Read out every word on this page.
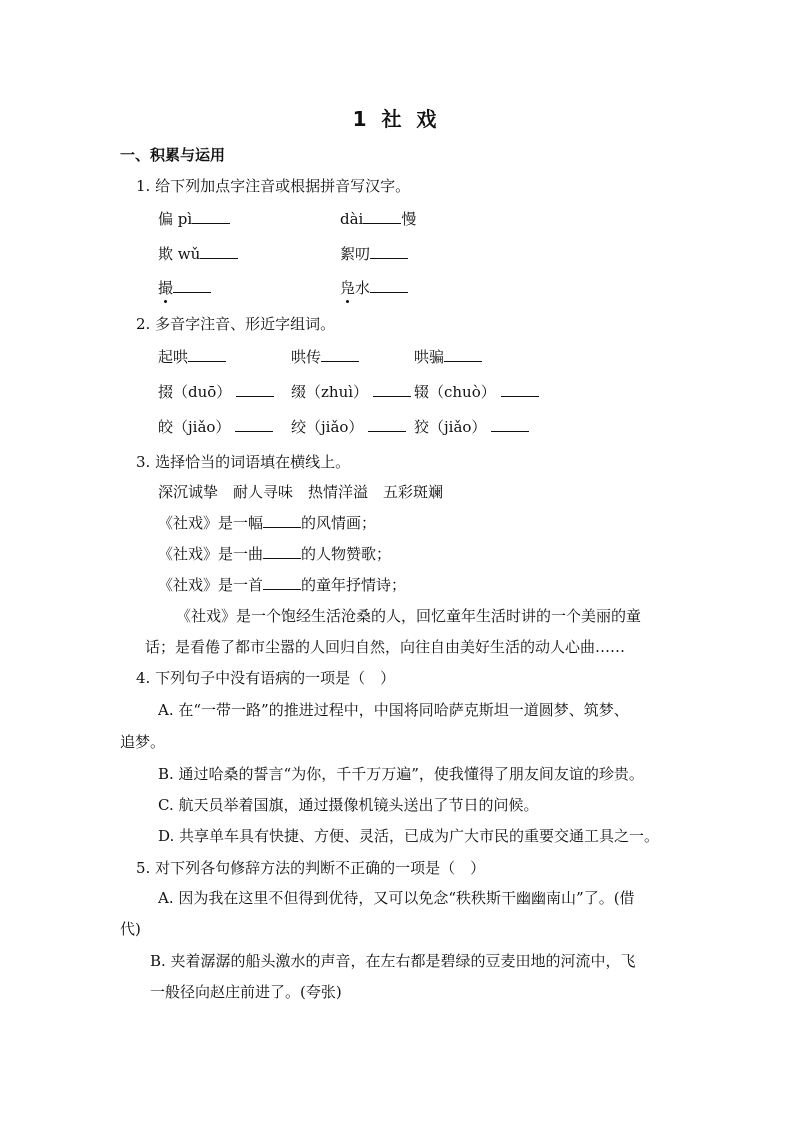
1 社 戏
一、积累与运用
1. 给下列加点字注音或根据拼音写汉字。
偏 pì	dài	慢
欺 wǔ	絮叨
撮	凫水
2. 多音字注音、形近字组词。
起哄	哄传	哄骗
掇（duō）	缀（zhuì）	辍（chuò）
皎（jiǎo）	绞（jiǎo）	狡（jiǎo）
3. 选择恰当的词语填在横线上。
深沉诚挚　耐人寻味　热情洋溢　五彩斑斓
《社戏》是一幅	的风情画；
《社戏》是一曲	的人物赞歌；
《社戏》是一首	的童年抒情诗；
《社戏》是一个饱经生活沧桑的人，回忆童年生活时讲的一个美丽的童
话；是看倦了都市尘嚣的人回归自然，向往自由美好生活的动人心曲……
4. 下列句子中没有语病的一项是（　）
A. 在“一带一路”的推进过程中，中国将同哈萨克斯坦一道圆梦、筑梦、
追梦。
B. 通过哈桑的誓言“为你，千千万万遍”，使我懂得了朋友间友谊的珍贵。
C. 航天员举着国旗，通过摄像机镜头送出了节日的问候。
D. 共享单车具有快捷、方便、灵活，已成为广大市民的重要交通工具之一。
5. 对下列各句修辞方法的判断不正确的一项是（　）
A. 因为我在这里不但得到优待，又可以免念“秩秩斯干幽幽南山”了。(借
代)
B. 夹着潺潺的船头激水的声音，在左右都是碧绿的豆麦田地的河流中，飞
一般径向赵庄前进了。(夸张)
